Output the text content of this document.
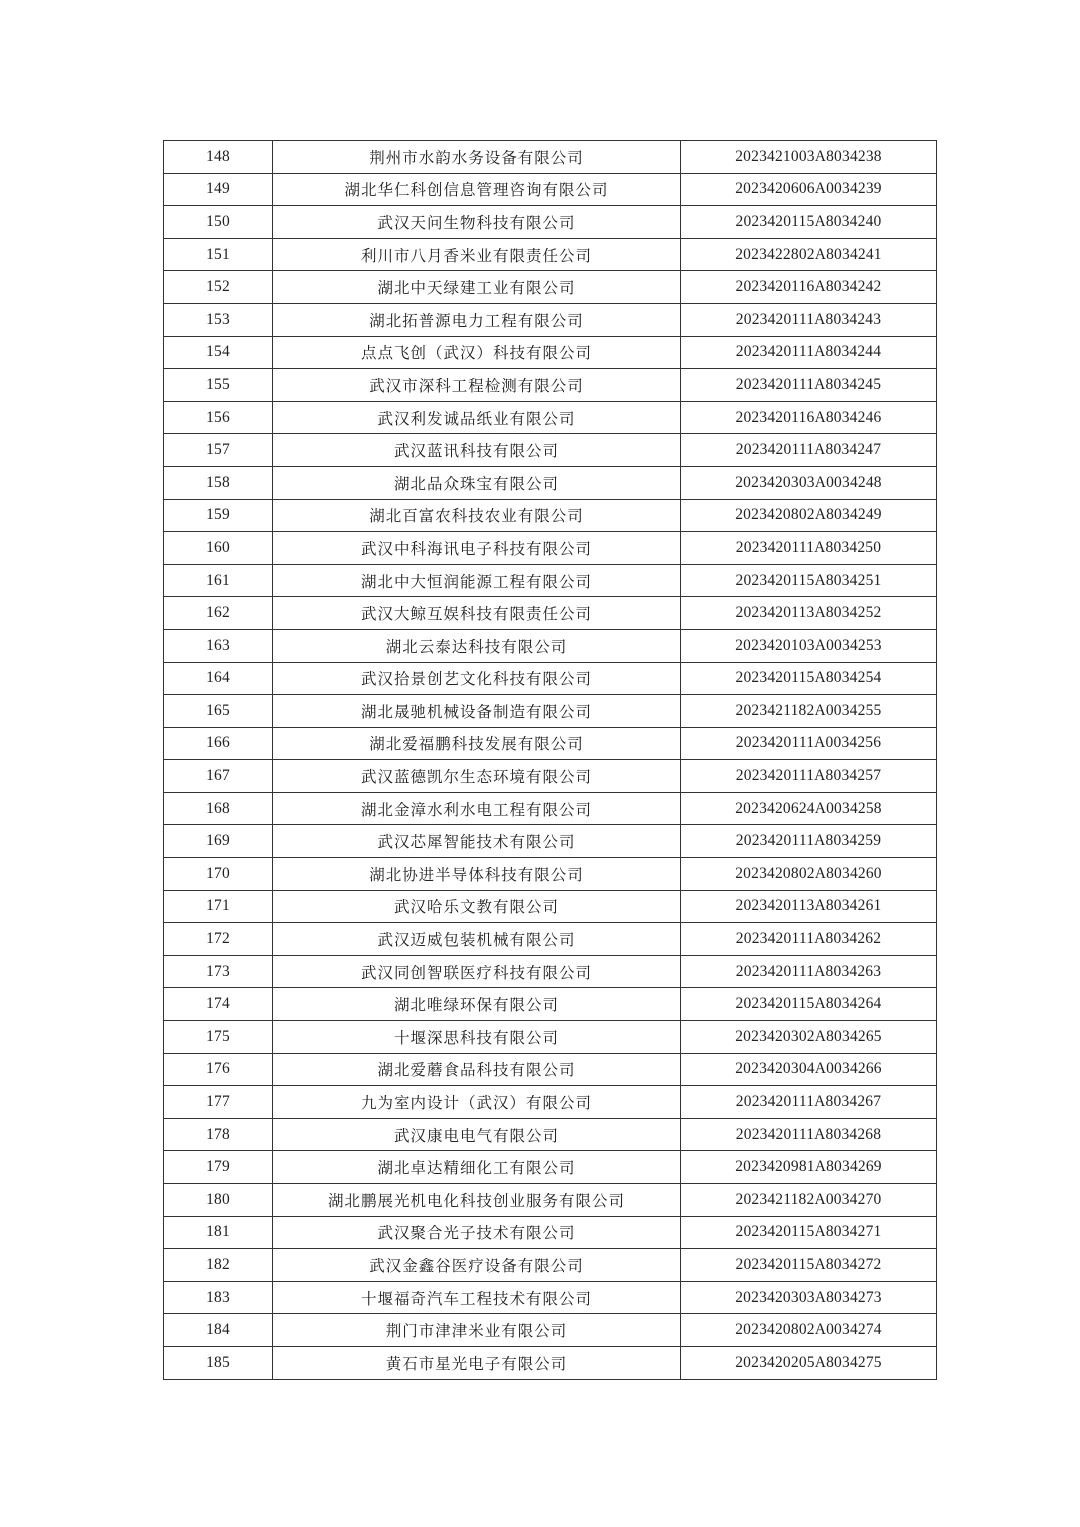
148	荆州市水韵水务设备有限公司	2023421003A8034238
149	湖北华仁科创信息管理咨询有限公司	2023420606A0034239
150	武汉天问生物科技有限公司	2023420115A8034240
151	利川市八月香米业有限责任公司	2023422802A8034241
152	湖北中天绿建工业有限公司	2023420116A8034242
153	湖北拓普源电力工程有限公司	2023420111A8034243
154	点点飞创（武汉）科技有限公司	2023420111A8034244
155	武汉市深科工程检测有限公司	2023420111A8034245
156	武汉利发诚品纸业有限公司	2023420116A8034246
157	武汉蓝讯科技有限公司	2023420111A8034247
158	湖北品众珠宝有限公司	2023420303A0034248
159	湖北百富农科技农业有限公司	2023420802A8034249
160	武汉中科海讯电子科技有限公司	2023420111A8034250
161	湖北中大恒润能源工程有限公司	2023420115A8034251
162	武汉大鲸互娱科技有限责任公司	2023420113A8034252
163	湖北云泰达科技有限公司	2023420103A0034253
164	武汉拾景创艺文化科技有限公司	2023420115A8034254
165	湖北晟驰机械设备制造有限公司	2023421182A0034255
166	湖北爱福鹏科技发展有限公司	2023420111A0034256
167	武汉蓝德凯尔生态环境有限公司	2023420111A8034257
168	湖北金漳水利水电工程有限公司	2023420624A0034258
169	武汉芯犀智能技术有限公司	2023420111A8034259
170	湖北协进半导体科技有限公司	2023420802A8034260
171	武汉哈乐文教有限公司	2023420113A8034261
172	武汉迈威包装机械有限公司	2023420111A8034262
173	武汉同创智联医疗科技有限公司	2023420111A8034263
174	湖北唯绿环保有限公司	2023420115A8034264
175	十堰深思科技有限公司	2023420302A8034265
176	湖北爱蘑食品科技有限公司	2023420304A0034266
177	九为室内设计（武汉）有限公司	2023420111A8034267
178	武汉康电电气有限公司	2023420111A8034268
179	湖北卓达精细化工有限公司	2023420981A8034269
180	湖北鹏展光机电化科技创业服务有限公司	2023421182A0034270
181	武汉聚合光子技术有限公司	2023420115A8034271
182	武汉金鑫谷医疗设备有限公司	2023420115A8034272
183	十堰福奇汽车工程技术有限公司	2023420303A8034273
184	荆门市津津米业有限公司	2023420802A0034274
185	黄石市星光电子有限公司	2023420205A8034275
